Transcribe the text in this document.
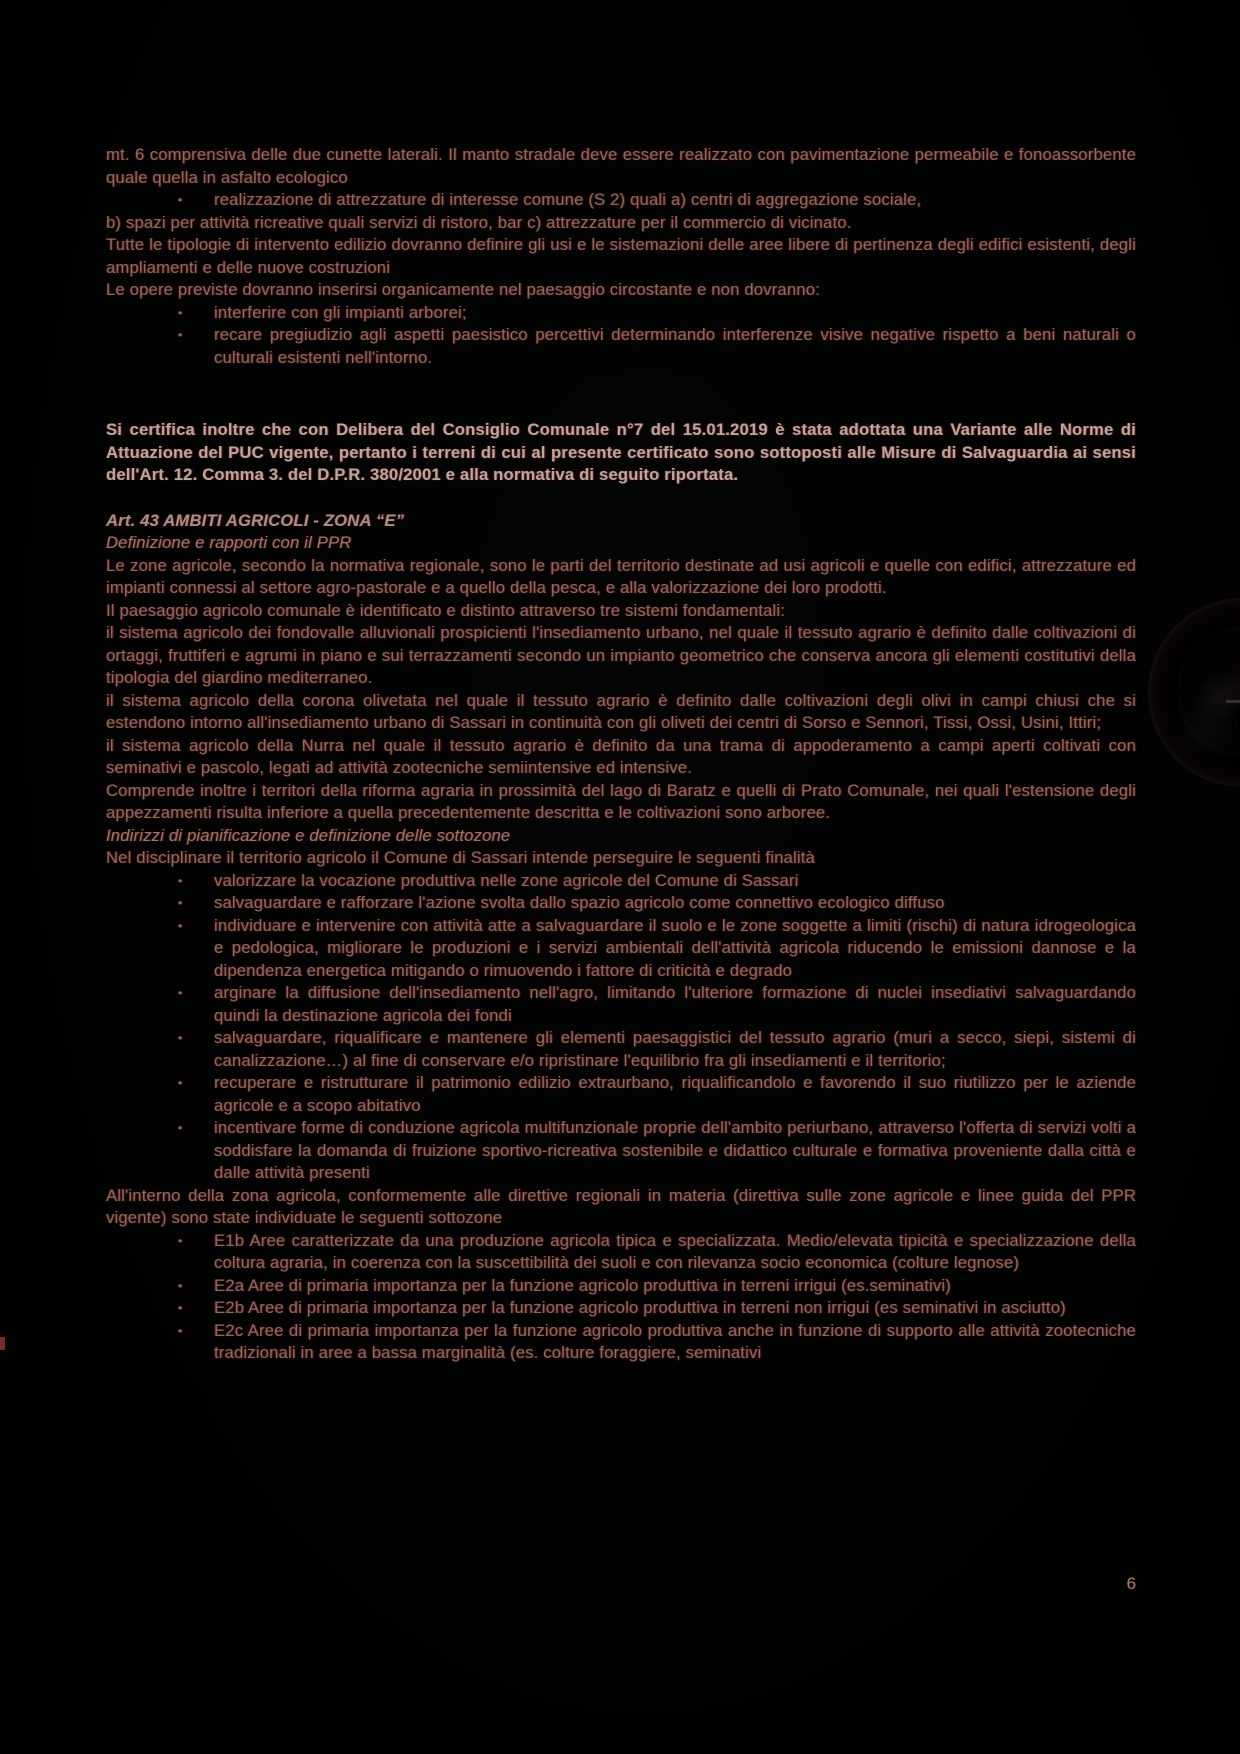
mt. 6 comprensiva delle due cunette laterali. Il manto stradale deve essere realizzato con pavimentazione permeabile e fonoassorbente quale quella in asfalto ecologico

• realizzazione di attrezzature di interesse comune (S 2) quali a) centri di aggregazione sociale,

b) spazi per attività ricreative quali servizi di ristoro, bar c) attrezzature per il commercio di vicinato.

Tutte le tipologie di intervento edilizio dovranno definire gli usi e le sistemazioni delle aree libere di pertinenza degli edifici esistenti, degli ampliamenti e delle nuove costruzioni

Le opere previste dovranno inserirsi organicamente nel paesaggio circostante e non dovranno:

• interferire con gli impianti arborei;
• recare pregiudizio agli aspetti paesistico percettivi determinando interferenze visive negative rispetto a beni naturali o culturali esistenti nell'intorno.

Si certifica inoltre che con Delibera del Consiglio Comunale n°7 del 15.01.2019 è stata adottata una Variante alle Norme di Attuazione del PUC vigente, pertanto i terreni di cui al presente certificato sono sottoposti alle Misure di Salvaguardia ai sensi dell'Art. 12. Comma 3. del D.P.R. 380/2001 e alla normativa di seguito riportata.

Art. 43 AMBITI AGRICOLI - ZONA “E”

Definizione e rapporti con il PPR

Le zone agricole, secondo la normativa regionale, sono le parti del territorio destinate ad usi agricoli e quelle con edifici, attrezzature ed impianti connessi al settore agro-pastorale e a quello della pesca, e alla valorizzazione dei loro prodotti.

Il paesaggio agricolo comunale è identificato e distinto attraverso tre sistemi fondamentali:

il sistema agricolo dei fondovalle alluvionali prospicienti l'insediamento urbano, nel quale il tessuto agrario è definito dalle coltivazioni di ortaggi, fruttiferi e agrumi in piano e sui terrazzamenti secondo un impianto geometrico che conserva ancora gli elementi costitutivi della tipologia del giardino mediterraneo.

il sistema agricolo della corona olivetata nel quale il tessuto agrario è definito dalle coltivazioni degli olivi in campi chiusi che si estendono intorno all'insediamento urbano di Sassari in continuità con gli oliveti dei centri di Sorso e Sennori, Tissi, Ossi, Usini, Ittiri;

il sistema agricolo della Nurra nel quale il tessuto agrario è definito da una trama di appoderamento a campi aperti coltivati con seminativi e pascolo, legati ad attività zootecniche semiintensive ed intensive.

Comprende inoltre i territori della riforma agraria in prossimità del lago di Baratz e quelli di Prato Comunale, nei quali l'estensione degli appezzamenti risulta inferiore a quella precedentemente descritta e le coltivazioni sono arboree.

Indirizzi di pianificazione e definizione delle sottozone

Nel disciplinare il territorio agricolo il Comune di Sassari intende perseguire le seguenti finalità

• valorizzare la vocazione produttiva nelle zone agricole del Comune di Sassari
• salvaguardare e rafforzare l'azione svolta dallo spazio agricolo come connettivo ecologico diffuso
• individuare e intervenire con attività atte a salvaguardare il suolo e le zone soggette a limiti (rischi) di natura idrogeologica e pedologica, migliorare le produzioni e i servizi ambientali dell'attività agricola riducendo le emissioni dannose e la dipendenza energetica mitigando o rimuovendo i fattore di criticità e degrado
• arginare la diffusione dell'insediamento nell'agro, limitando l'ulteriore formazione di nuclei insediativi salvaguardando quindi la destinazione agricola dei fondi
• salvaguardare, riqualificare e mantenere gli elementi paesaggistici del tessuto agrario (muri a secco, siepi, sistemi di canalizzazione…) al fine di conservare e/o ripristinare l'equilibrio fra gli insediamenti e il territorio;
• recuperare e ristrutturare il patrimonio edilizio extraurbano, riqualificandolo e favorendo il suo riutilizzo per le aziende agricole e a scopo abitativo
• incentivare forme di conduzione agricola multifunzionale proprie dell'ambito periurbano, attraverso l'offerta di servizi volti a soddisfare la domanda di fruizione sportivo-ricreativa sostenibile e didattico culturale e formativa proveniente dalla città e dalle attività presenti

All'interno della zona agricola, conformemente alle direttive regionali in materia (direttiva sulle zone agricole e linee guida del PPR vigente) sono state individuate le seguenti sottozone

• E1b Aree caratterizzate da una produzione agricola tipica e specializzata. Medio/elevata tipicità e specializzazione della coltura agraria, in coerenza con la suscettibilità dei suoli e con rilevanza socio economica (colture legnose)
• E2a Aree di primaria importanza per la funzione agricolo produttiva in terreni irrigui (es.seminativi)
• E2b Aree di primaria importanza per la funzione agricolo produttiva in terreni non irrigui (es seminativi in asciutto)
• E2c Aree di primaria importanza per la funzione agricolo produttiva anche in funzione di supporto alle attività zootecniche tradizionali in aree a bassa marginalità (es. colture foraggiere, seminativi
6
